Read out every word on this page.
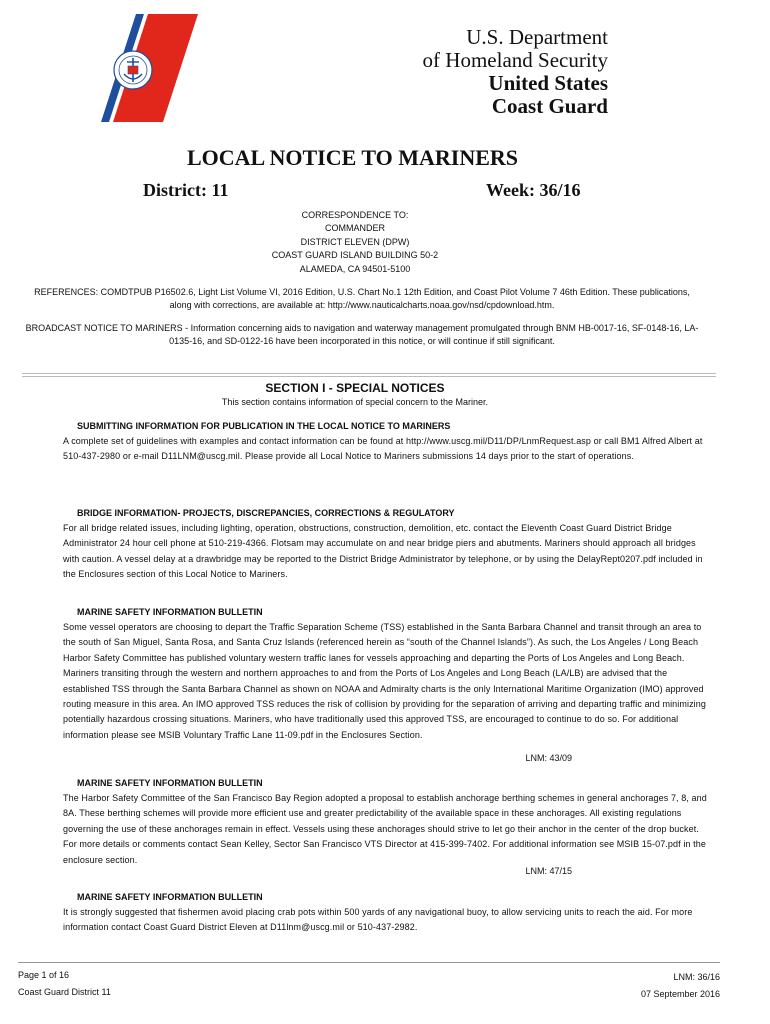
U.S. Department
of Homeland Security
United States
Coast Guard
LOCAL NOTICE TO MARINERS
District: 11	Week: 36/16
CORRESPONDENCE TO:
COMMANDER
DISTRICT ELEVEN (DPW)
COAST GUARD ISLAND BUILDING 50-2
ALAMEDA, CA 94501-5100
REFERENCES: COMDTPUB P16502.6, Light List Volume VI, 2016 Edition, U.S. Chart No.1 12th Edition, and Coast Pilot Volume 7 46th Edition. These publications, along with corrections, are available at: http://www.nauticalcharts.noaa.gov/nsd/cpdownload.htm.
BROADCAST NOTICE TO MARINERS - Information concerning aids to navigation and waterway management promulgated through BNM HB-0017-16, SF-0148-16, LA-0135-16, and SD-0122-16 have been incorporated in this notice, or will continue if still significant.
SECTION I - SPECIAL NOTICES
This section contains information of special concern to the Mariner.
SUBMITTING INFORMATION FOR PUBLICATION IN THE LOCAL NOTICE TO MARINERS
A complete set of guidelines with examples and contact information can be found at http://www.uscg.mil/D11/DP/LnmRequest.asp or call BM1 Alfred Albert at 510-437-2980 or e-mail D11LNM@uscg.mil. Please provide all Local Notice to Mariners submissions 14 days prior to the start of operations.
BRIDGE INFORMATION- PROJECTS, DISCREPANCIES, CORRECTIONS & REGULATORY
For all bridge related issues, including lighting, operation, obstructions, construction, demolition, etc. contact the Eleventh Coast Guard District Bridge Administrator 24 hour cell phone at 510-219-4366. Flotsam may accumulate on and near bridge piers and abutments. Mariners should approach all bridges with caution. A vessel delay at a drawbridge may be reported to the District Bridge Administrator by telephone, or by using the DelayRept0207.pdf included in the Enclosures section of this Local Notice to Mariners.
MARINE SAFETY INFORMATION BULLETIN
Some vessel operators are choosing to depart the Traffic Separation Scheme (TSS) established in the Santa Barbara Channel and transit through an area to the south of San Miguel, Santa Rosa, and Santa Cruz Islands (referenced herein as “south of the Channel Islands”). As such, the Los Angeles / Long Beach Harbor Safety Committee has published voluntary western traffic lanes for vessels approaching and departing the Ports of Los Angeles and Long Beach. Mariners transiting through the western and northern approaches to and from the Ports of Los Angeles and Long Beach (LA/LB) are advised that the established TSS through the Santa Barbara Channel as shown on NOAA and Admiralty charts is the only International Maritime Organization (IMO) approved routing measure in this area. An IMO approved TSS reduces the risk of collision by providing for the separation of arriving and departing traffic and minimizing potentially hazardous crossing situations. Mariners, who have traditionally used this approved TSS, are encouraged to continue to do so. For additional information please see MSIB Voluntary Traffic Lane 11-09.pdf in the Enclosures Section.
LNM: 43/09
MARINE SAFETY INFORMATION BULLETIN
The Harbor Safety Committee of the San Francisco Bay Region adopted a proposal to establish anchorage berthing schemes in general anchorages 7, 8, and 8A. These berthing schemes will provide more efficient use and greater predictability of the available space in these anchorages. All existing regulations governing the use of these anchorages remain in effect. Vessels using these anchorages should strive to let go their anchor in the center of the drop bucket. For more details or comments contact Sean Kelley, Sector San Francisco VTS Director at 415-399-7402. For additional information see MSIB 15-07.pdf in the enclosure section.
LNM: 47/15
MARINE SAFETY INFORMATION BULLETIN
It is strongly suggested that fishermen avoid placing crab pots within 500 yards of any navigational buoy, to allow servicing units to reach the aid. For more information contact Coast Guard District Eleven at D11lnm@uscg.mil or 510-437-2982.
Page 1 of 16
Coast Guard District 11
LNM: 36/16
07 September 2016
